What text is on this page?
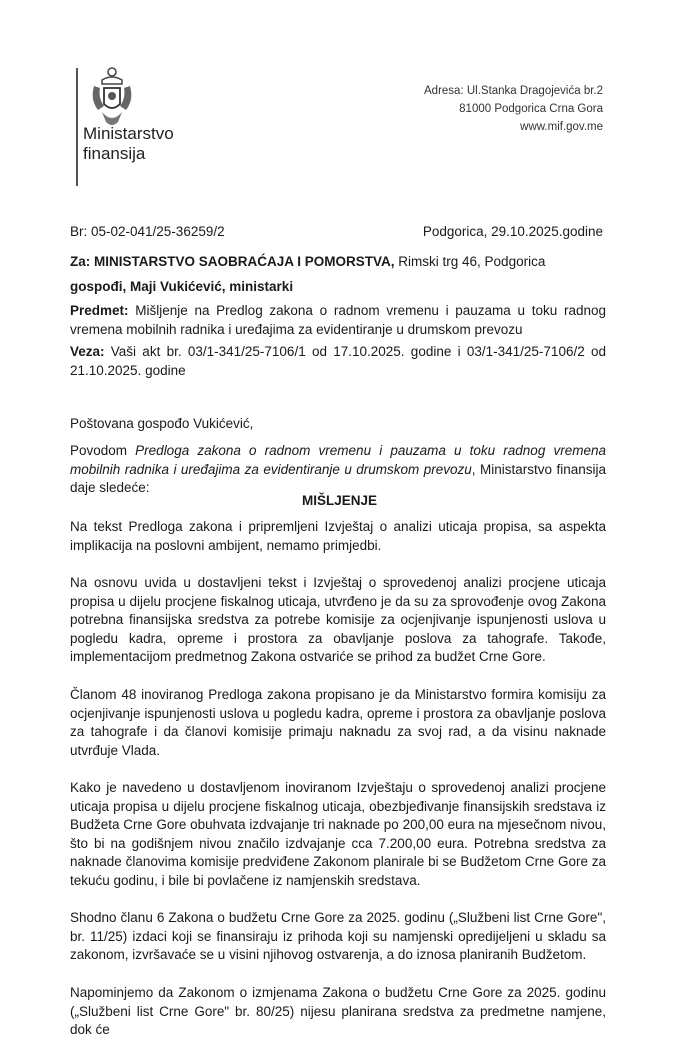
Ministarstvo
finansija
Adresa: Ul.Stanka Dragojevića br.2
81000 Podgorica Crna Gora
www.mif.gov.me
Br: 05-02-041/25-36259/2	Podgorica, 29.10.2025.godine
Za: MINISTARSTVO SAOBRAĆAJA I POMORSTVA, Rimski trg 46, Podgorica
gospođi, Maji Vukićević, ministarki
Predmet: Mišljenje na Predlog zakona o radnom vremenu i pauzama u toku radnog vremena mobilnih radnika i uređajima za evidentiranje u drumskom prevozu
Veza: Vaši akt br. 03/1-341/25-7106/1 od 17.10.2025. godine i 03/1-341/25-7106/2 od 21.10.2025. godine
Poštovana gospođo Vukićević,
Povodom Predloga zakona o radnom vremenu i pauzama u toku radnog vremena mobilnih radnika i uređajima za evidentiranje u drumskom prevozu, Ministarstvo finansija daje sledeće:
MIŠLJENJE
Na tekst Predloga zakona i pripremljeni Izvještaj o analizi uticaja propisa, sa aspekta implikacija na poslovni ambijent, nemamo primjedbi.
Na osnovu uvida u dostavljeni tekst i Izvještaj o sprovedenoj analizi procjene uticaja propisa u dijelu procjene fiskalnog uticaja, utvrđeno je da su za sprovođenje ovog Zakona potrebna finansijska sredstva za potrebe komisije za ocjenjivanje ispunjenosti uslova u pogledu kadra, opreme i prostora za obavljanje poslova za tahografe. Takođe, implementacijom predmetnog Zakona ostvariće se prihod za budžet Crne Gore.
Članom 48 inoviranog Predloga zakona propisano je da Ministarstvo formira komisiju za ocjenjivanje ispunjenosti uslova u pogledu kadra, opreme i prostora za obavljanje poslova za tahografe i da članovi komisije primaju naknadu za svoj rad, a da visinu naknade utvrđuje Vlada.
Kako je navedeno u dostavljenom inoviranom Izvještaju o sprovedenoj analizi procjene uticaja propisa u dijelu procjene fiskalnog uticaja, obezbjeđivanje finansijskih sredstava iz Budžeta Crne Gore obuhvata izdvajanje tri naknade po 200,00 eura na mjesečnom nivou, što bi na godišnjem nivou značilo izdvajanje cca 7.200,00 eura. Potrebna sredstva za naknade članovima komisije predviđene Zakonom planirale bi se Budžetom Crne Gore za tekuću godinu, i bile bi povlačene iz namjenskih sredstava.
Shodno članu 6 Zakona o budžetu Crne Gore za 2025. godinu („Službeni list Crne Gore", br. 11/25) izdaci koji se finansiraju iz prihoda koji su namjenski opredijeljeni u skladu sa zakonom, izvršavaće se u visini njihovog ostvarenja, a do iznosa planiranih Budžetom.
Napominjemo da Zakonom o izmjenama Zakona o budžetu Crne Gore za 2025. godinu („Službeni list Crne Gore" br. 80/25) nijesu planirana sredstva za predmetne namjene, dok će
